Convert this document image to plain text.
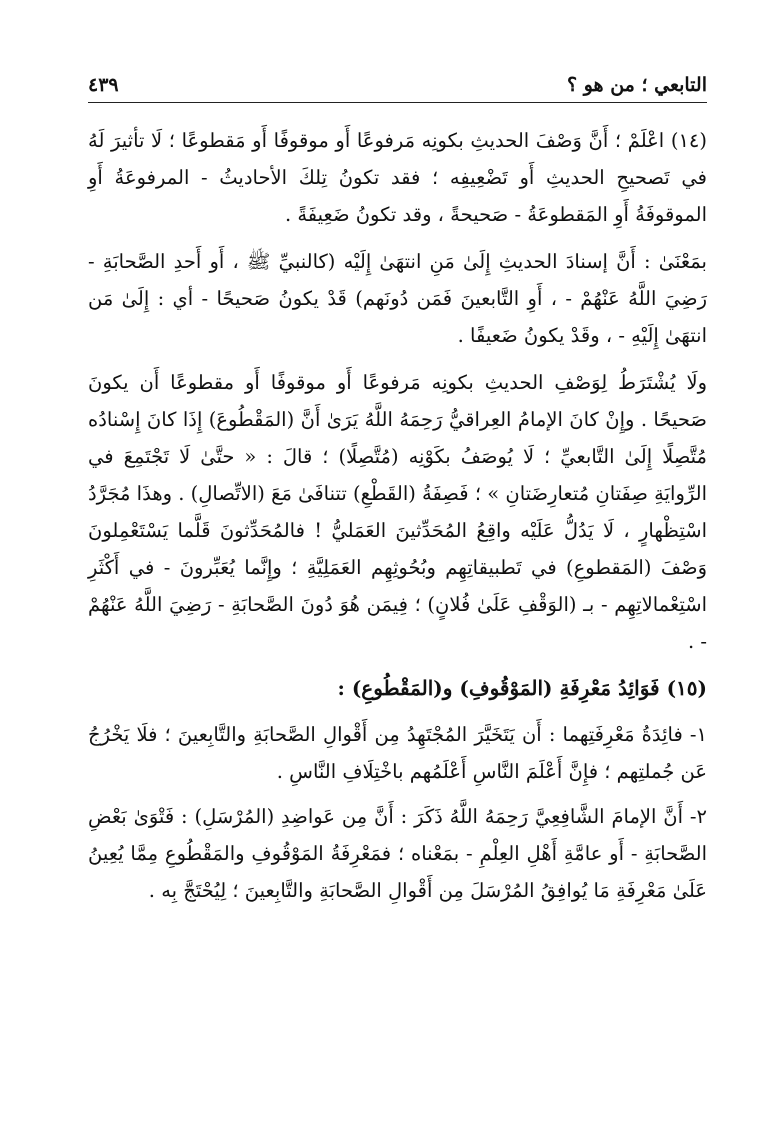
التابعي ؛ من هو ؟
٤٣٩

(١٤) اعْلَمْ ؛ أَنَّ وَصْفَ الحديثِ بكونِه مَرفوعًا أَو موقوفًا أَو مَقطوعًا ؛ لَا تأثيرَ لَهُ في تَصحيحِ الحديثِ أَو تَضْعِيفِه ؛ فقد تكونُ تِلكَ الأحاديثُ - المرفوعَةُ أَوِ الموقوفَةُ أَوِ المَقطوعَةُ - صَحيحةً ، وقد تكونُ ضَعِيفَةً .

بمَعْنَىٰ : أَنَّ إسنادَ الحديثِ إِلَىٰ مَنِ انتهَىٰ إِلَيْه (كالنبيِّ ﷺ ، أَو أَحدِ الصَّحابَةِ - رَضِيَ اللَّهُ عَنْهُمْ - ، أَوِ التَّابعينَ فَمَن دُونَهم) قَدْ يكونُ صَحيحًا - أي : إِلَىٰ مَن انتهَىٰ إِلَيْهِ - ، وقَدْ يكونُ ضَعيفًا .

ولَا يُشْتَرَطُ لِوَصْفِ الحديثِ بكونِه مَرفوعًا أَو موقوفًا أَو مقطوعًا أَن يكونَ صَحيحًا . وإِنْ كانَ الإمامُ العِراقيُّ رَحِمَهُ اللَّهُ يَرَىٰ أَنَّ (المَقْطُوعَ) إِذَا كانَ إِسْنادُه مُتَّصِلًا إِلَىٰ التَّابعيِّ ؛ لَا يُوصَفُ بكَوْنِه (مُتَّصِلًا) ؛ قالَ : « حتَّىٰ لَا تَجْتَمِعَ في الرِّوايَةِ صِفَتانِ مُتعارِضَتانِ » ؛ فَصِفَةُ (القَطْعِ) تتنافَىٰ مَعَ (الاتِّصالِ) . وهذَا مُجَرَّدُ اسْتِظْهارٍ ، لَا يَدُلُّ عَلَيْه واقِعُ المُحَدِّثينَ العَمَليُّ ! فالمُحَدِّثونَ قَلَّما يَسْتَعْمِلونَ وَصْفَ (المَقطوعِ) في تَطبيقاتِهِم وبُحُوثِهِم العَمَلِيَّةِ ؛ وإِنَّما يُعَبِّرونَ - في أَكْثَرِ اسْتِعْمالاتِهِم - بـ (الوَقْفِ عَلَىٰ فُلانٍ) ؛ فِيمَن هُوَ دُونَ الصَّحابَةِ - رَضِيَ اللَّهُ عَنْهُمْ - .

(١٥) فَوَائِدُ مَعْرِفَةِ (المَوْقُوفِ) و(المَقْطُوعِ) :

١- فائِدَةُ مَعْرِفَتِهما : أَن يَتَخَيَّرَ المُجْتَهِدُ مِن أَقْوالِ الصَّحابَةِ والتَّابِعينَ ؛ فلَا يَخْرُجُ عَن جُملتِهم ؛ فإِنَّ أَعْلَمَ النَّاسِ أَعْلَمُهم باخْتِلَافِ النَّاسِ .

٢- أَنَّ الإمامَ الشَّافِعِيَّ رَحِمَهُ اللَّهُ ذَكَرَ : أَنَّ مِن عَواضِدِ (المُرْسَلِ) : فَتْوَىٰ بَعْضِ الصَّحابَةِ - أَو عامَّةِ أَهْلِ العِلْمِ - بمَعْناه ؛ فمَعْرِفَةُ المَوْقُوفِ والمَقْطُوعِ مِمَّا يُعِينُ عَلَىٰ مَعْرِفَةِ مَا يُوافِقُ المُرْسَلَ مِن أَقْوالِ الصَّحابَةِ والتَّابِعينَ ؛ لِيُحْتَجَّ بِه .
